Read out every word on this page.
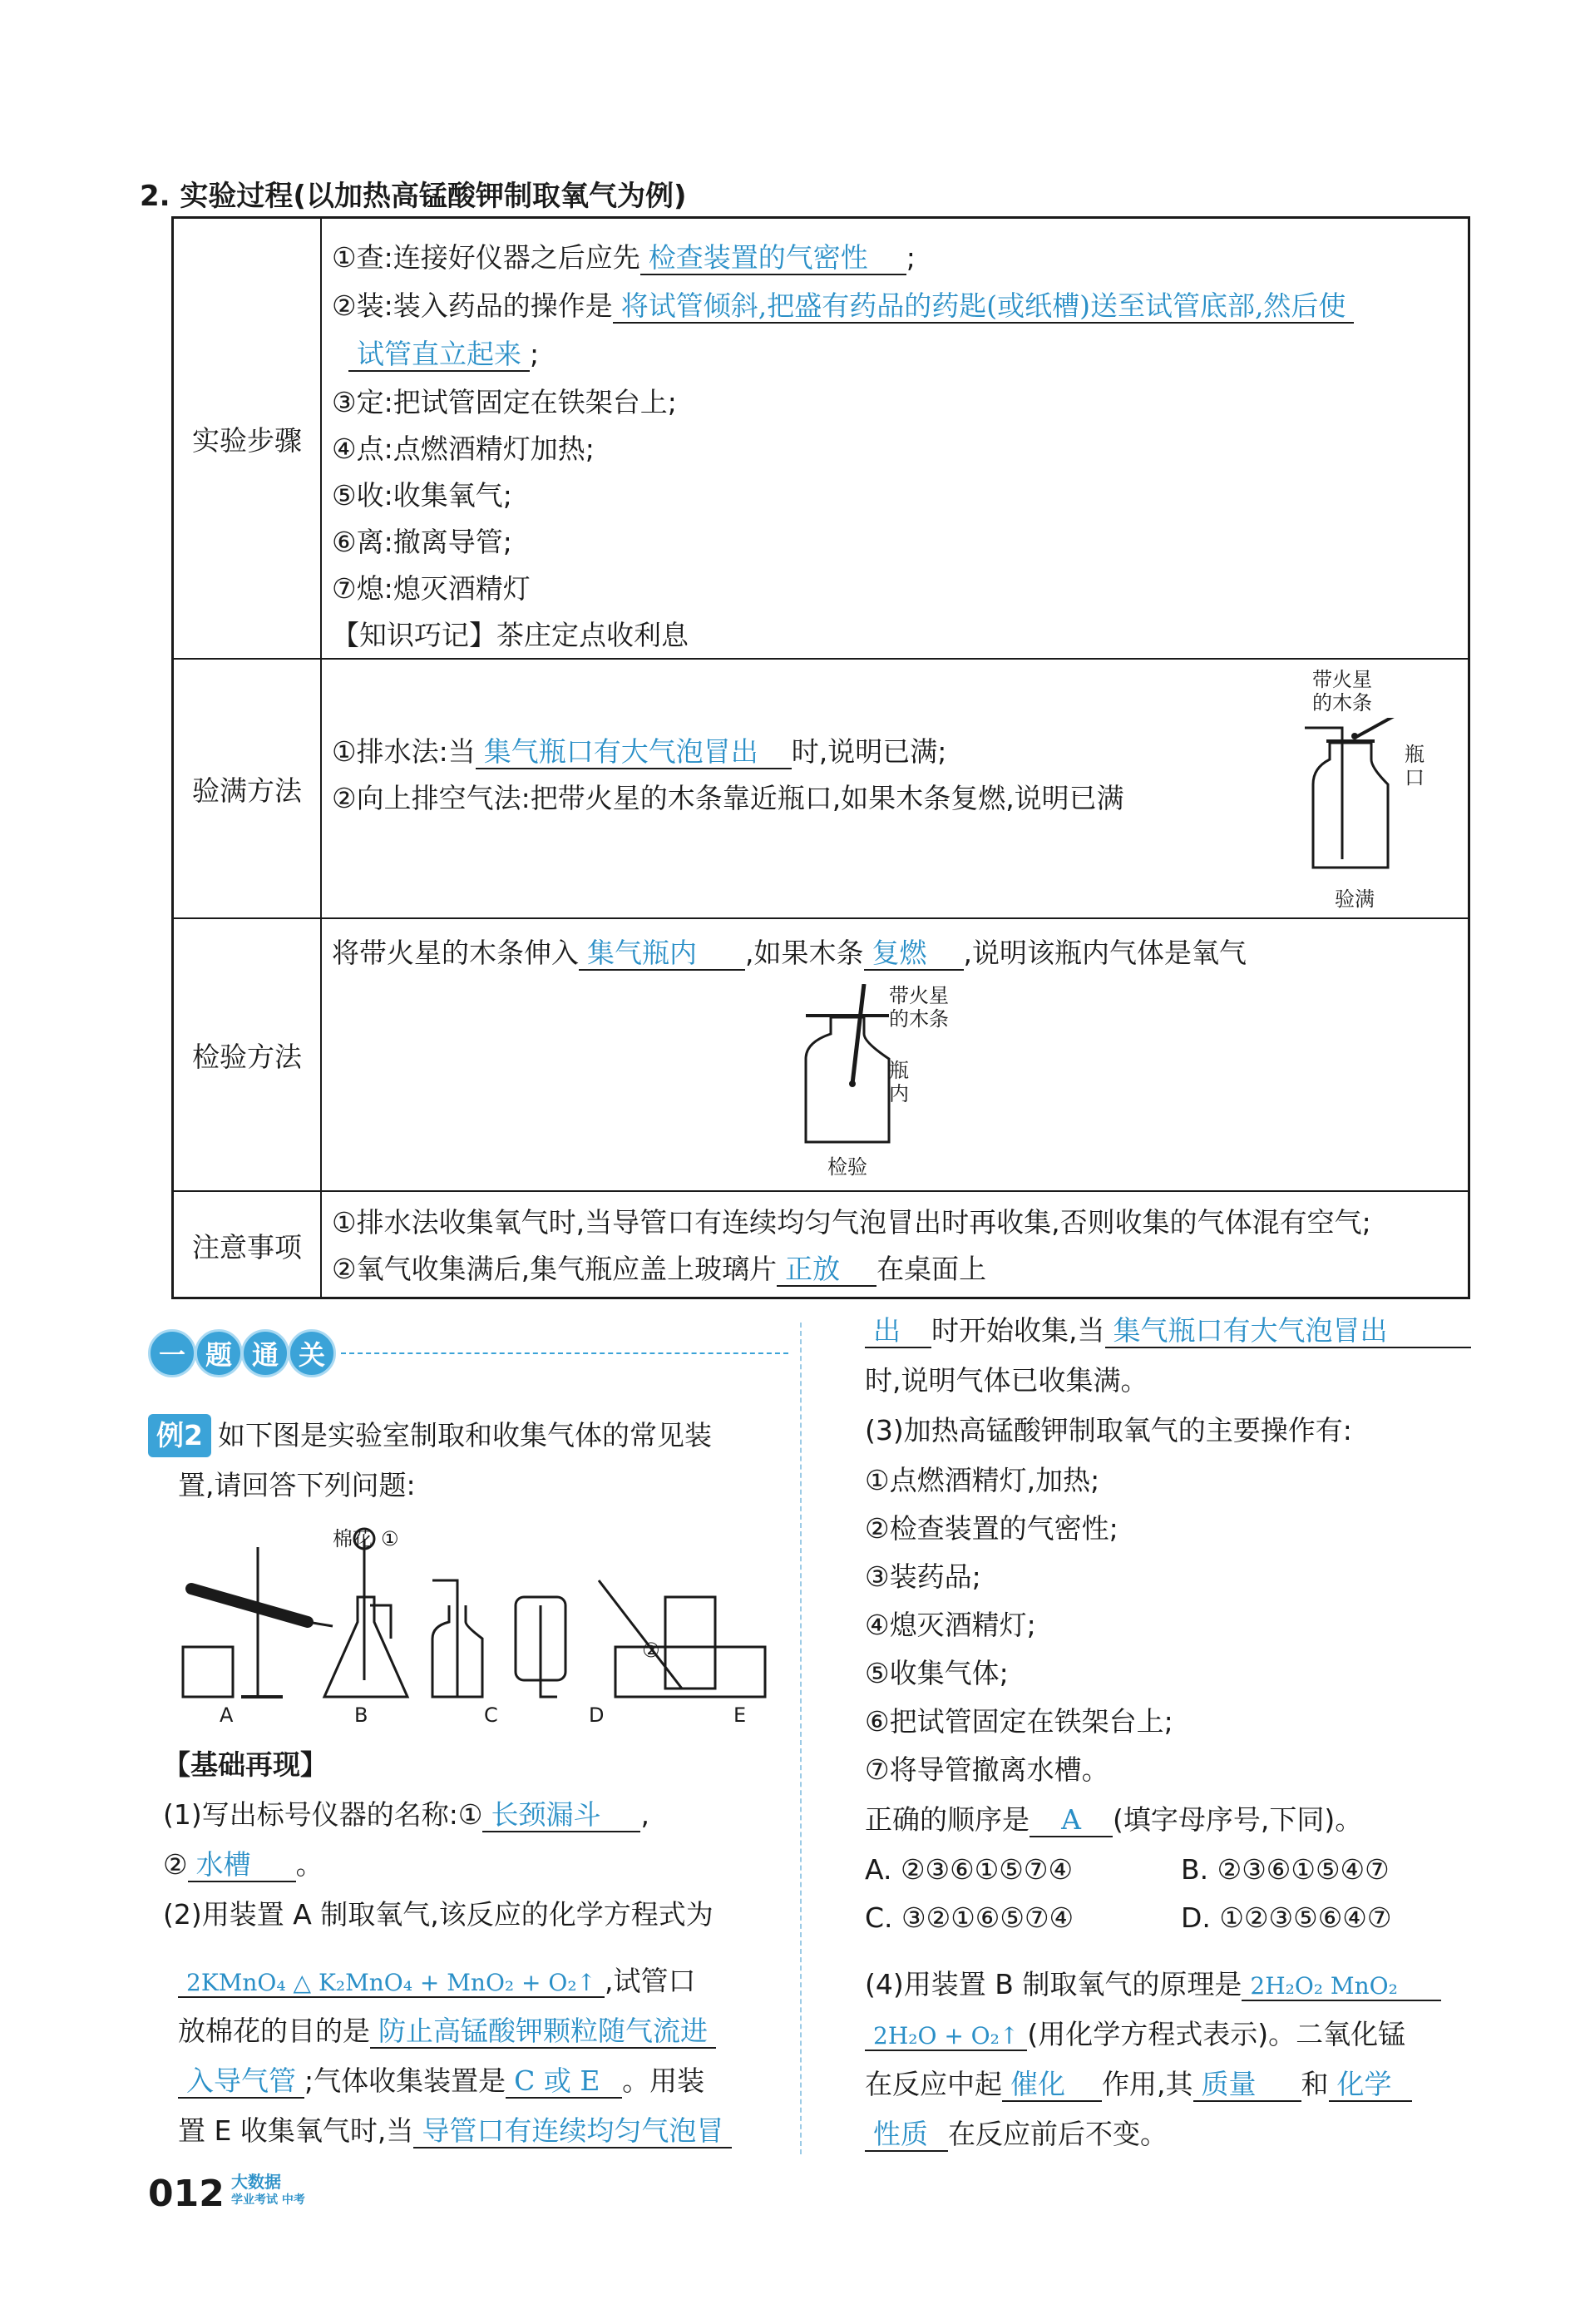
2. 实验过程(以加热高锰酸钾制取氧气为例)
实验步骤
①查:连接好仪器之后应先 检查装置的气密性 ;
②装:装入药品的操作是 将试管倾斜,把盛有药品的药匙(或纸槽)送至试管底部,然后使
试管直立起来 ;
③定:把试管固定在铁架台上;
④点:点燃酒精灯加热;
⑤收:收集氧气;
⑥离:撤离导管;
⑦熄:熄灭酒精灯
【知识巧记】茶庄定点收利息
验满方法
①排水法:当 集气瓶口有大气泡冒出 时,说明已满;
②向上排空气法:把带火星的木条靠近瓶口,如果木条复燃,说明已满
带火星的木条
瓶口
验满
检验方法
将带火星的木条伸入 集气瓶内 ,如果木条 复燃 ,说明该瓶内气体是氧气
带火星的木条
瓶内
检验
注意事项
①排水法收集氧气时,当导管口有连续均匀气泡冒出时再收集,否则收集的气体混有空气;
②氧气收集满后,集气瓶应盖上玻璃片 正放 在桌面上
一 题 通 关
例2 如下图是实验室制取和收集气体的常见装
置,请回答下列问题:
棉花 ①
②
A	B	C	D	E
【基础再现】
(1)写出标号仪器的名称:① 长颈漏斗 ,
② 水槽 。
(2)用装置 A 制取氧气,该反应的化学方程式为
2KMnO₄ △ K₂MnO₄ + MnO₂ + O₂↑ ,试管口
放棉花的目的是 防止高锰酸钾颗粒随气流进
入导气管 ;气体收集装置是 C 或 E 。用装
置 E 收集氧气时,当 导管口有连续均匀气泡冒
出 时开始收集,当 集气瓶口有大气泡冒出
时,说明气体已收集满。
(3)加热高锰酸钾制取氧气的主要操作有:
①点燃酒精灯,加热;
②检查装置的气密性;
③装药品;
④熄灭酒精灯;
⑤收集气体;
⑥把试管固定在铁架台上;
⑦将导管撤离水槽。
正确的顺序是 A (填字母序号,下同)。
A. ②③⑥①⑤⑦④	B. ②③⑥①⑤④⑦
C. ③②①⑥⑤⑦④	D. ①②③⑤⑥④⑦
(4)用装置 B 制取氧气的原理是 2H₂O₂ MnO₂
2H₂O + O₂↑ (用化学方程式表示)。二氧化锰
在反应中起 催化 作用,其 质量 和 化学
性质 在反应前后不变。
012 大数据
学业考试 中考
